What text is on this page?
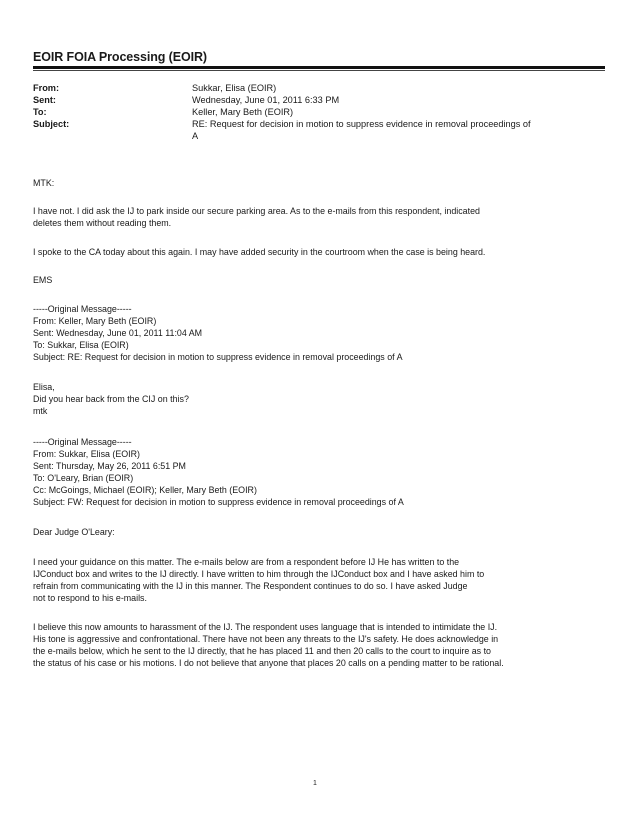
EOIR FOIA Processing (EOIR)
From:	Sukkar, Elisa (EOIR)
Sent:	Wednesday, June 01, 2011 6:33 PM
To:	Keller, Mary Beth (EOIR)
Subject:	RE: Request for decision in motion to suppress evidence in removal proceedings of
A
MTK:
I have not. I did ask the IJ to park inside our secure parking area. As to the e-mails from this respondent, indicated
deletes them without reading them.
I spoke to the CA today about this again. I may have added security in the courtroom when the case is being heard.
EMS
-----Original Message-----
From: Keller, Mary Beth (EOIR)
Sent: Wednesday, June 01, 2011 11:04 AM
To: Sukkar, Elisa (EOIR)
Subject: RE: Request for decision in motion to suppress evidence in removal proceedings of A
Elisa,
Did you hear back from the CIJ on this?
mtk
-----Original Message-----
From: Sukkar, Elisa (EOIR)
Sent: Thursday, May 26, 2011 6:51 PM
To: O'Leary, Brian (EOIR)
Cc: McGoings, Michael (EOIR); Keller, Mary Beth (EOIR)
Subject: FW: Request for decision in motion to suppress evidence in removal proceedings of A
Dear Judge O'Leary:
I need your guidance on this matter. The e-mails below are from a respondent before IJ He has written to the
IJConduct box and writes to the IJ directly. I have written to him through the IJConduct box and I have asked him to
refrain from communicating with the IJ in this manner. The Respondent continues to do so. I have asked Judge
not to respond to his e-mails.
I believe this now amounts to harassment of the IJ. The respondent uses language that is intended to intimidate the IJ.
His tone is aggressive and confrontational. There have not been any threats to the IJ's safety. He does acknowledge in
the e-mails below, which he sent to the IJ directly, that he has placed 11 and then 20 calls to the court to inquire as to
the status of his case or his motions. I do not believe that anyone that places 20 calls on a pending matter to be rational.
1
